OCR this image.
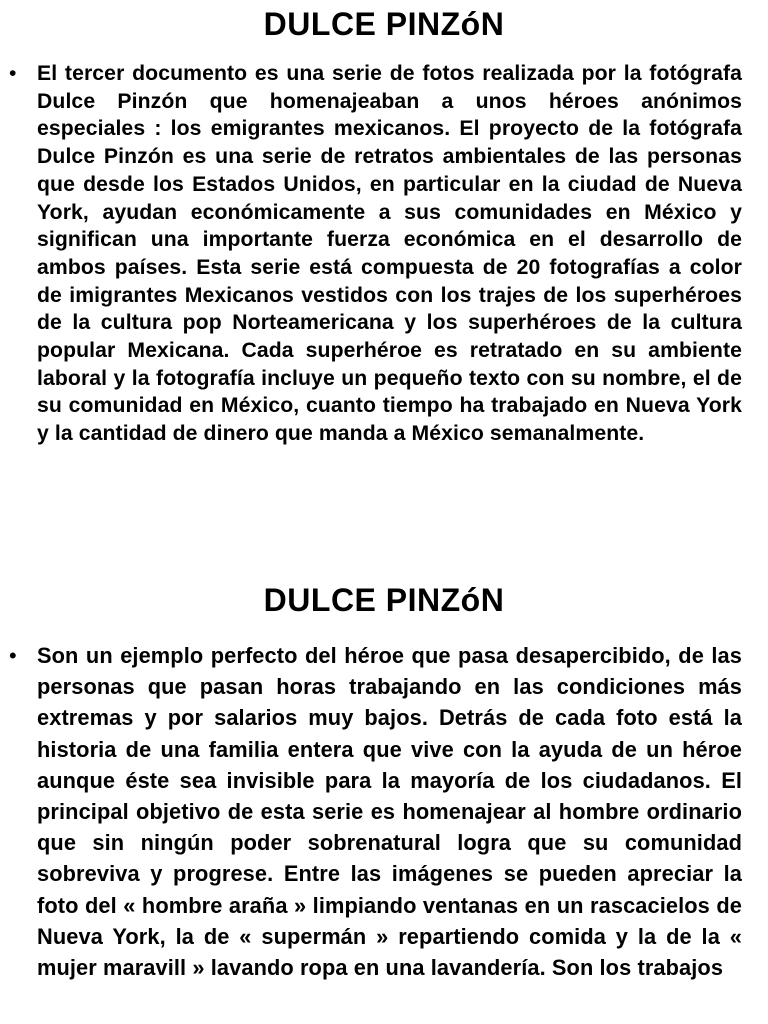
DULCE PINZóN
• El tercer documento es una serie de fotos realizada por la fotógrafa Dulce Pinzón que homenajeaban a unos héroes anónimos especiales : los emigrantes mexicanos. El proyecto de la fotógrafa Dulce Pinzón es una serie de retratos ambientales de las personas que desde los Estados Unidos, en particular en la ciudad de Nueva York, ayudan económicamente a sus comunidades en México y significan una importante fuerza económica en el desarrollo de ambos países. Esta serie está compuesta de 20 fotografías a color de imigrantes Mexicanos vestidos con los trajes de los superhéroes de la cultura pop Norteamericana y los superhéroes de la cultura popular Mexicana. Cada superhéroe es retratado en su ambiente laboral y la fotografía incluye un pequeño texto con su nombre, el de su comunidad en México, cuanto tiempo ha trabajado en Nueva York y la cantidad de dinero que manda a México semanalmente.
DULCE PINZóN
• Son un ejemplo perfecto del héroe que pasa desapercibido, de las personas que pasan horas trabajando en las condiciones más extremas y por salarios muy bajos. Detrás de cada foto está la historia de una familia entera que vive con la ayuda de un héroe aunque éste sea invisible para la mayoría de los ciudadanos. El principal objetivo de esta serie es homenajear al hombre ordinario que sin ningún poder sobrenatural logra que su comunidad sobreviva y progrese. Entre las imágenes se pueden apreciar la foto del « hombre araña » limpiando ventanas en un rascacielos de Nueva York, la de « supermán » repartiendo comida y la de la « mujer maravill » lavando ropa en una lavandería. Son los trabajos
